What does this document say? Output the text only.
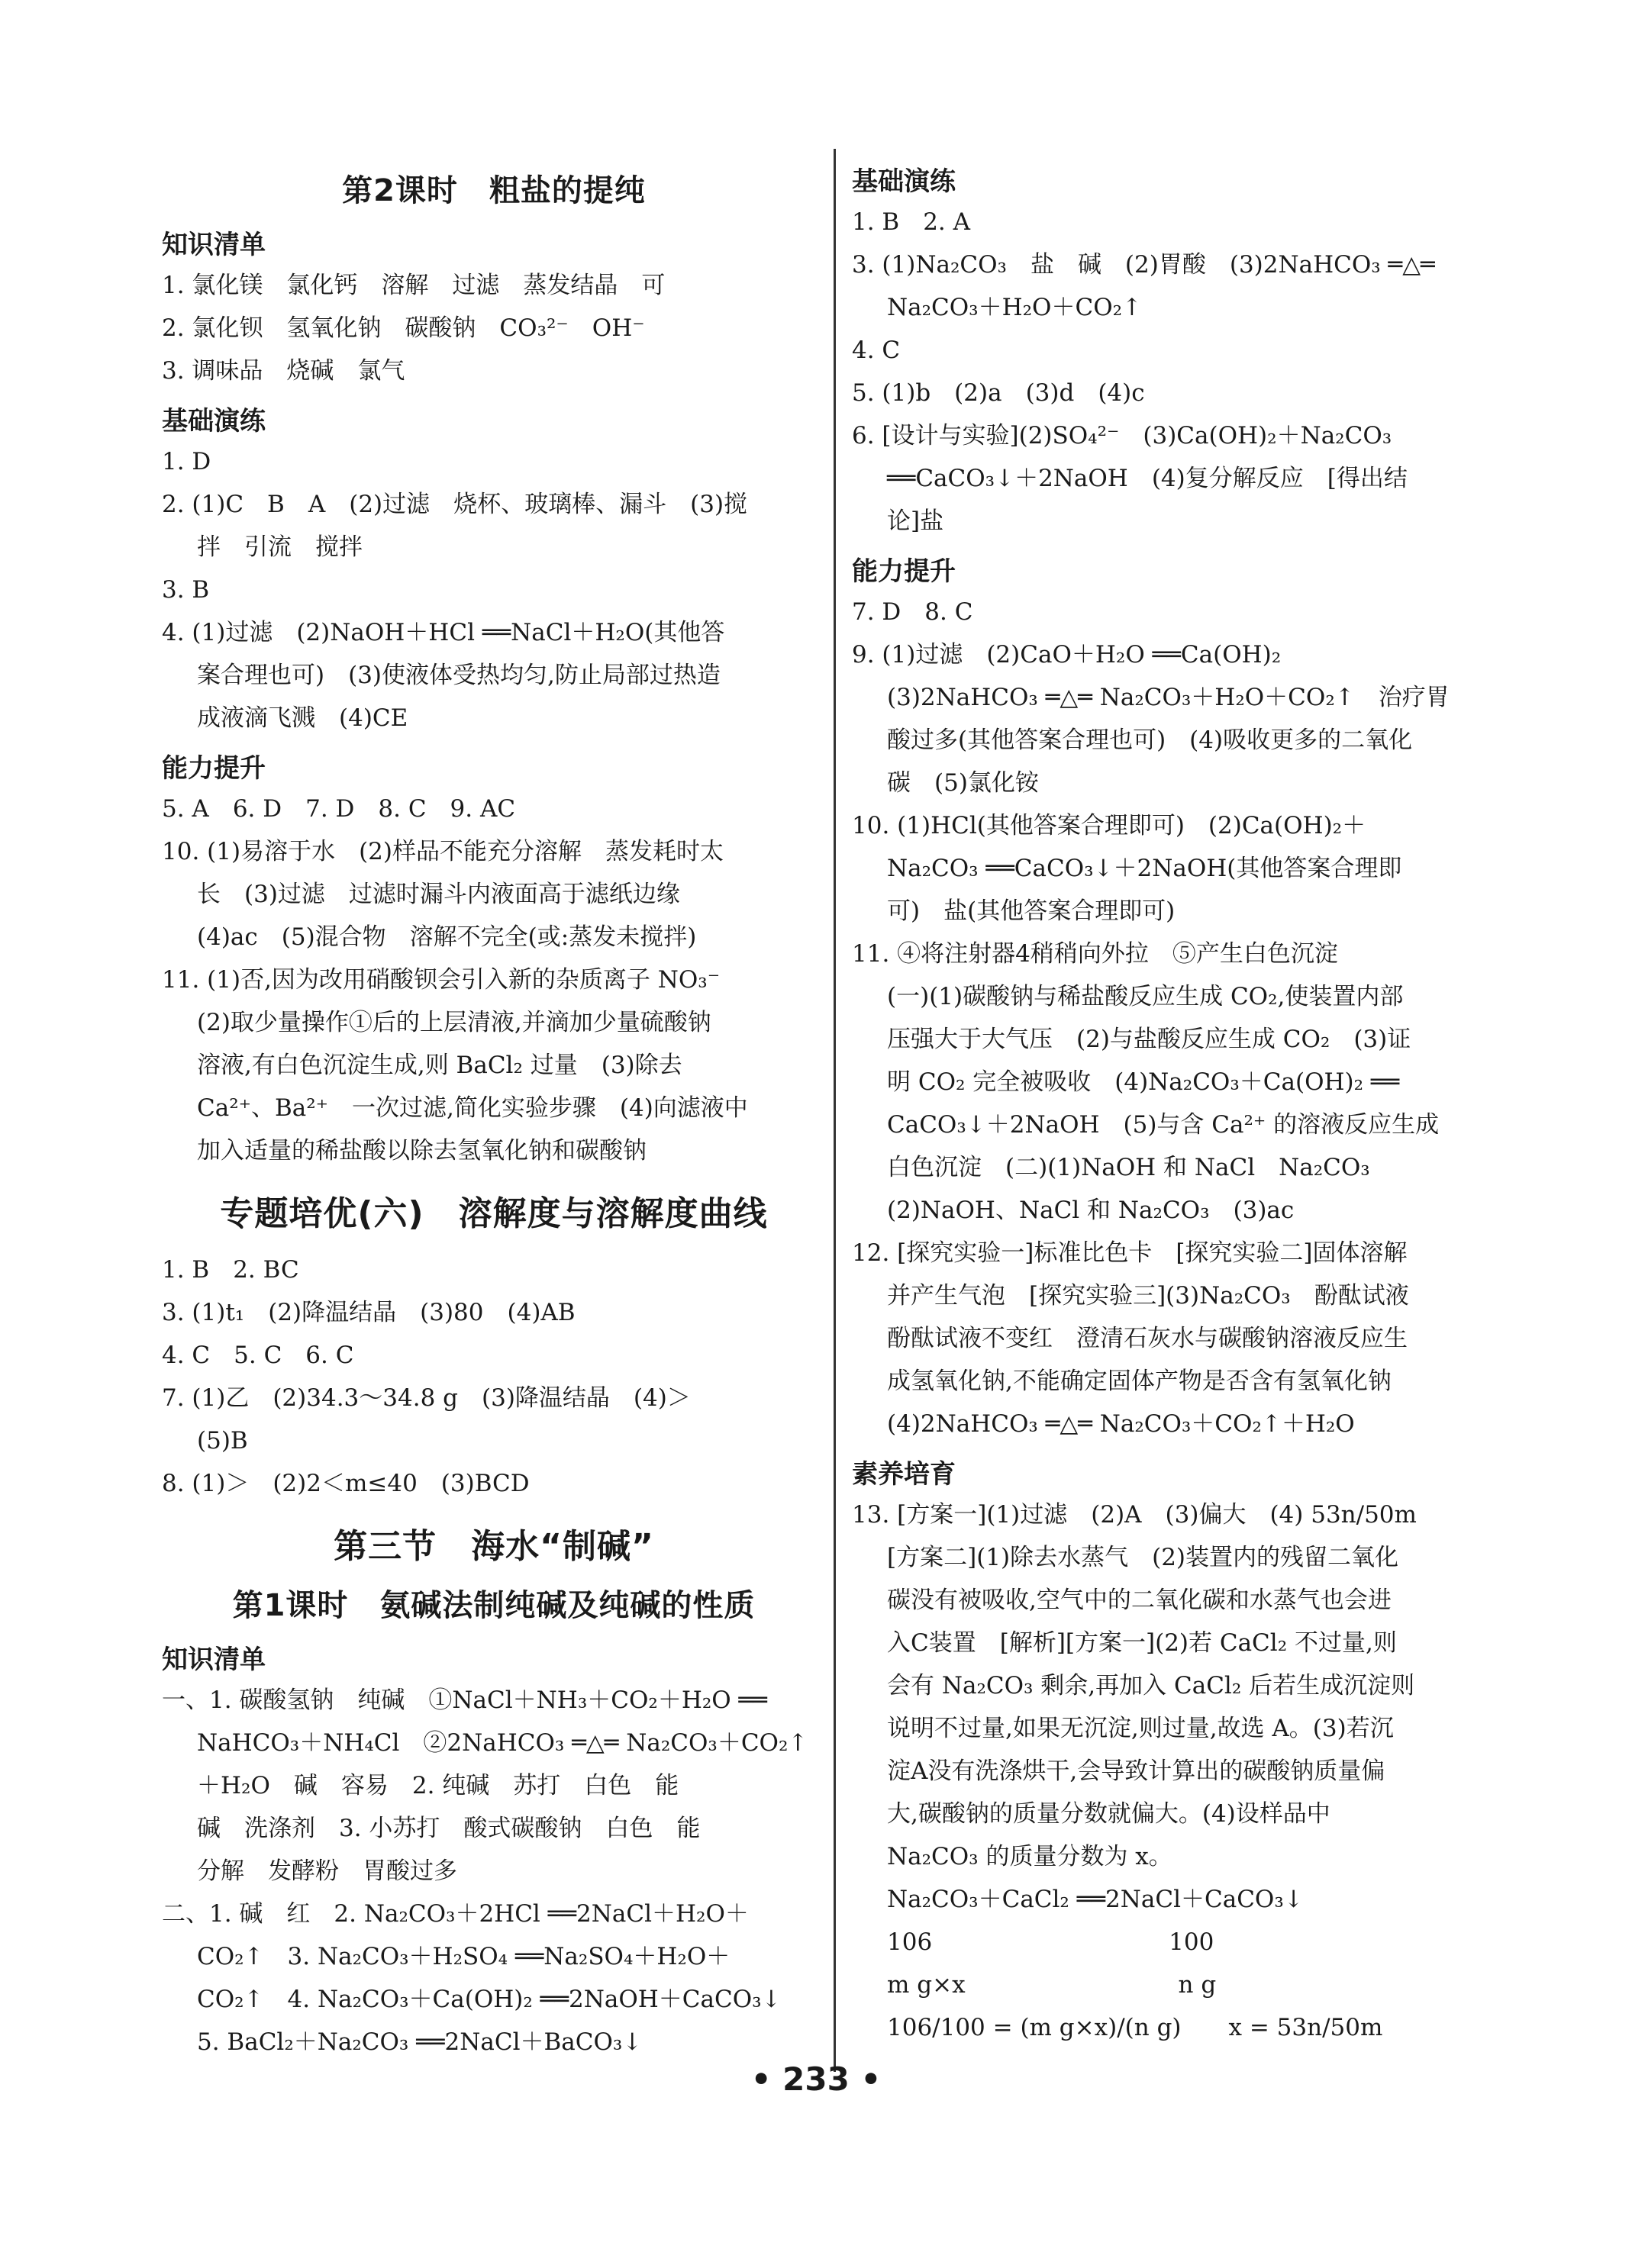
第2课时　粗盐的提纯
知识清单
1. 氯化镁　氯化钙　溶解　过滤　蒸发结晶　可
2. 氯化钡　氢氧化钠　碳酸钠　CO₃²⁻　OH⁻
3. 调味品　烧碱　氯气
基础演练
1. D
2. (1)C　B　A　(2)过滤　烧杯、玻璃棒、漏斗　(3)搅
拌　引流　搅拌
3. B
4. (1)过滤　(2)NaOH＋HCl ══NaCl＋H₂O(其他答
案合理也可)　(3)使液体受热均匀,防止局部过热造
成液滴飞溅　(4)CE
能力提升
5. A　6. D　7. D　8. C　9. AC
10. (1)易溶于水　(2)样品不能充分溶解　蒸发耗时太
长　(3)过滤　过滤时漏斗内液面高于滤纸边缘
(4)ac　(5)混合物　溶解不完全(或:蒸发未搅拌)
11. (1)否,因为改用硝酸钡会引入新的杂质离子 NO₃⁻
(2)取少量操作①后的上层清液,并滴加少量硫酸钠
溶液,有白色沉淀生成,则 BaCl₂ 过量　(3)除去
Ca²⁺、Ba²⁺　一次过滤,简化实验步骤　(4)向滤液中
加入适量的稀盐酸以除去氢氧化钠和碳酸钠
专题培优(六)　溶解度与溶解度曲线
1. B　2. BC
3. (1)t₁　(2)降温结晶　(3)80　(4)AB
4. C　5. C　6. C
7. (1)乙　(2)34.3～34.8 g　(3)降温结晶　(4)＞
(5)B
8. (1)＞　(2)2＜m≤40　(3)BCD
第三节　海水“制碱”
第1课时　氨碱法制纯碱及纯碱的性质
知识清单
一、1. 碳酸氢钠　纯碱　①NaCl＋NH₃＋CO₂＋H₂O ══
NaHCO₃＋NH₄Cl　②2NaHCO₃ ═△═ Na₂CO₃＋CO₂↑
＋H₂O　碱　容易　2. 纯碱　苏打　白色　能
碱　洗涤剂　3. 小苏打　酸式碳酸钠　白色　能
分解　发酵粉　胃酸过多
二、1. 碱　红　2. Na₂CO₃＋2HCl ══2NaCl＋H₂O＋
CO₂↑　3. Na₂CO₃＋H₂SO₄ ══Na₂SO₄＋H₂O＋
CO₂↑　4. Na₂CO₃＋Ca(OH)₂ ══2NaOH＋CaCO₃↓
5. BaCl₂＋Na₂CO₃ ══2NaCl＋BaCO₃↓
基础演练
1. B　2. A
3. (1)Na₂CO₃　盐　碱　(2)胃酸　(3)2NaHCO₃ ═△═
Na₂CO₃＋H₂O＋CO₂↑
4. C
5. (1)b　(2)a　(3)d　(4)c
6. [设计与实验](2)SO₄²⁻　(3)Ca(OH)₂＋Na₂CO₃
══CaCO₃↓＋2NaOH　(4)复分解反应　[得出结
论]盐
能力提升
7. D　8. C
9. (1)过滤　(2)CaO＋H₂O ══Ca(OH)₂
(3)2NaHCO₃ ═△═ Na₂CO₃＋H₂O＋CO₂↑　治疗胃
酸过多(其他答案合理也可)　(4)吸收更多的二氧化
碳　(5)氯化铵
10. (1)HCl(其他答案合理即可)　(2)Ca(OH)₂＋
Na₂CO₃ ══CaCO₃↓＋2NaOH(其他答案合理即
可)　盐(其他答案合理即可)
11. ④将注射器4稍稍向外拉　⑤产生白色沉淀
(一)(1)碳酸钠与稀盐酸反应生成 CO₂,使装置内部
压强大于大气压　(2)与盐酸反应生成 CO₂　(3)证
明 CO₂ 完全被吸收　(4)Na₂CO₃＋Ca(OH)₂ ══
CaCO₃↓＋2NaOH　(5)与含 Ca²⁺ 的溶液反应生成
白色沉淀　(二)(1)NaOH 和 NaCl　Na₂CO₃
(2)NaOH、NaCl 和 Na₂CO₃　(3)ac
12. [探究实验一]标准比色卡　[探究实验二]固体溶解
并产生气泡　[探究实验三](3)Na₂CO₃　酚酞试液
酚酞试液不变红　澄清石灰水与碳酸钠溶液反应生
成氢氧化钠,不能确定固体产物是否含有氢氧化钠
(4)2NaHCO₃ ═△═ Na₂CO₃＋CO₂↑＋H₂O
素养培育
13. [方案一](1)过滤　(2)A　(3)偏大　(4) 53n/50m
[方案二](1)除去水蒸气　(2)装置内的残留二氧化
碳没有被吸收,空气中的二氧化碳和水蒸气也会进
入C装置　[解析][方案一](2)若 CaCl₂ 不过量,则
会有 Na₂CO₃ 剩余,再加入 CaCl₂ 后若生成沉淀则
说明不过量,如果无沉淀,则过量,故选 A。(3)若沉
淀A没有洗涤烘干,会导致计算出的碳酸钠质量偏
大,碳酸钠的质量分数就偏大。(4)设样品中
Na₂CO₃ 的质量分数为 x。
Na₂CO₃＋CaCl₂ ══2NaCl＋CaCO₃↓
106　　　　　　　　　　100
m g×x　　　　　　　　　n g
106/100 = (m g×x)/(n g)　　x = 53n/50m
• 233 •
